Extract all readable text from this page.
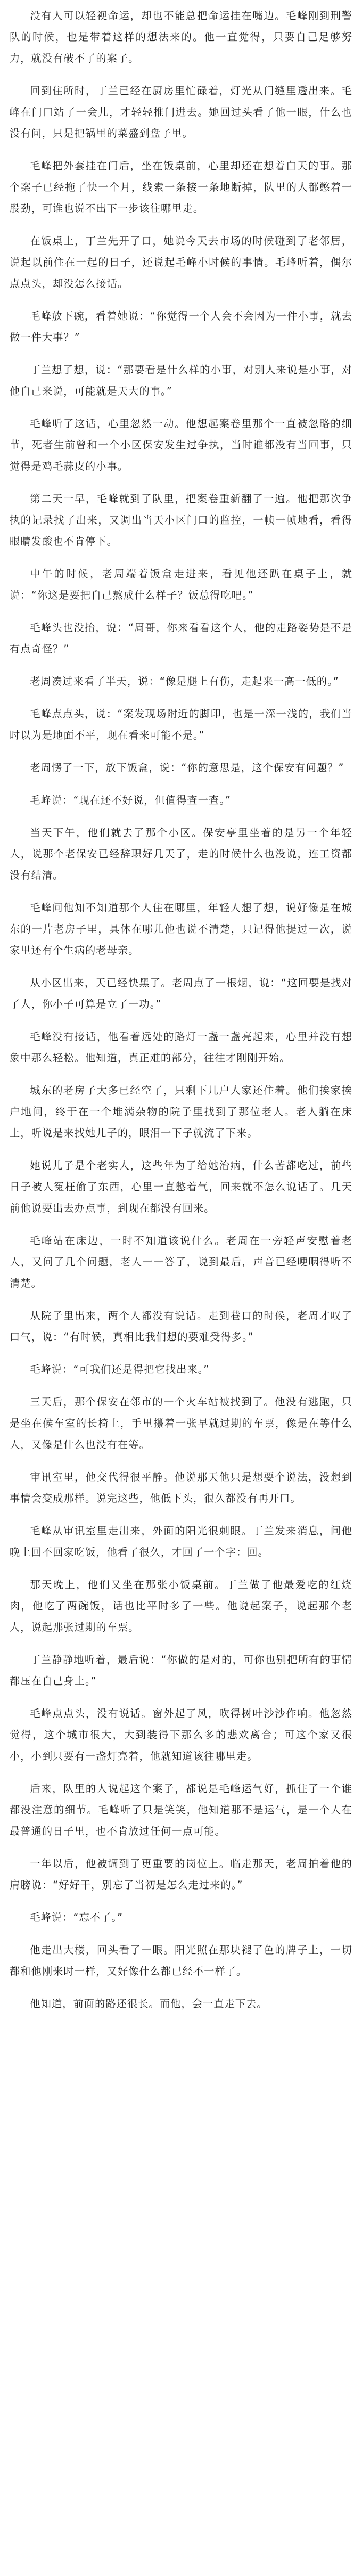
没有人可以轻视命运，却也不能总把命运挂在嘴边。毛峰刚到刑警队的时候，也是带着这样的想法来的。他一直觉得，只要自己足够努力，就没有破不了的案子。

回到住所时，丁兰已经在厨房里忙碌着，灯光从门缝里透出来。毛峰在门口站了一会儿，才轻轻推门进去。她回过头看了他一眼，什么也没有问，只是把锅里的菜盛到盘子里。

毛峰把外套挂在门后，坐在饭桌前，心里却还在想着白天的事。那个案子已经拖了快一个月，线索一条接一条地断掉，队里的人都憋着一股劲，可谁也说不出下一步该往哪里走。

在饭桌上，丁兰先开了口，她说今天去市场的时候碰到了老邻居，说起以前住在一起的日子，还说起毛峰小时候的事情。毛峰听着，偶尔点点头，却没怎么接话。

毛峰放下碗，看着她说：“你觉得一个人会不会因为一件小事，就去做一件大事？”

丁兰想了想，说：“那要看是什么样的小事，对别人来说是小事，对他自己来说，可能就是天大的事。”

毛峰听了这话，心里忽然一动。他想起案卷里那个一直被忽略的细节，死者生前曾和一个小区保安发生过争执，当时谁都没有当回事，只觉得是鸡毛蒜皮的小事。

第二天一早，毛峰就到了队里，把案卷重新翻了一遍。他把那次争执的记录找了出来，又调出当天小区门口的监控，一帧一帧地看，看得眼睛发酸也不肯停下。

中午的时候，老周端着饭盒走进来，看见他还趴在桌子上，就说：“你这是要把自己熬成什么样子？饭总得吃吧。”

毛峰头也没抬，说：“周哥，你来看看这个人，他的走路姿势是不是有点奇怪？”

老周凑过来看了半天，说：“像是腿上有伤，走起来一高一低的。”

毛峰点点头，说：“案发现场附近的脚印，也是一深一浅的，我们当时以为是地面不平，现在看来可能不是。”

老周愣了一下，放下饭盒，说：“你的意思是，这个保安有问题？”

毛峰说：“现在还不好说，但值得查一查。”

当天下午，他们就去了那个小区。保安亭里坐着的是另一个年轻人，说那个老保安已经辞职好几天了，走的时候什么也没说，连工资都没有结清。

毛峰问他知不知道那个人住在哪里，年轻人想了想，说好像是在城东的一片老房子里，具体在哪儿他也说不清楚，只记得他提过一次，说家里还有个生病的老母亲。

从小区出来，天已经快黑了。老周点了一根烟，说：“这回要是找对了人，你小子可算是立了一功。”

毛峰没有接话，他看着远处的路灯一盏一盏亮起来，心里并没有想象中那么轻松。他知道，真正难的部分，往往才刚刚开始。

城东的老房子大多已经空了，只剩下几户人家还住着。他们挨家挨户地问，终于在一个堆满杂物的院子里找到了那位老人。老人躺在床上，听说是来找她儿子的，眼泪一下子就流了下来。

她说儿子是个老实人，这些年为了给她治病，什么苦都吃过，前些日子被人冤枉偷了东西，心里一直憋着气，回来就不怎么说话了。几天前他说要出去办点事，到现在都没有回来。

毛峰站在床边，一时不知道该说什么。老周在一旁轻声安慰着老人，又问了几个问题，老人一一答了，说到最后，声音已经哽咽得听不清楚。

从院子里出来，两个人都没有说话。走到巷口的时候，老周才叹了口气，说：“有时候，真相比我们想的要难受得多。”

毛峰说：“可我们还是得把它找出来。”

三天后，那个保安在邻市的一个火车站被找到了。他没有逃跑，只是坐在候车室的长椅上，手里攥着一张早就过期的车票，像是在等什么人，又像是什么也没有在等。

审讯室里，他交代得很平静。他说那天他只是想要个说法，没想到事情会变成那样。说完这些，他低下头，很久都没有再开口。

毛峰从审讯室里走出来，外面的阳光很刺眼。丁兰发来消息，问他晚上回不回家吃饭，他看了很久，才回了一个字：回。

那天晚上，他们又坐在那张小饭桌前。丁兰做了他最爱吃的红烧肉，他吃了两碗饭，话也比平时多了一些。他说起案子，说起那个老人，说起那张过期的车票。

丁兰静静地听着，最后说：“你做的是对的，可你也别把所有的事情都压在自己身上。”

毛峰点点头，没有说话。窗外起了风，吹得树叶沙沙作响。他忽然觉得，这个城市很大，大到装得下那么多的悲欢离合；可这个家又很小，小到只要有一盏灯亮着，他就知道该往哪里走。

后来，队里的人说起这个案子，都说是毛峰运气好，抓住了一个谁都没注意的细节。毛峰听了只是笑笑，他知道那不是运气，是一个人在最普通的日子里，也不肯放过任何一点可能。

一年以后，他被调到了更重要的岗位上。临走那天，老周拍着他的肩膀说：“好好干，别忘了当初是怎么走过来的。”

毛峰说：“忘不了。”

他走出大楼，回头看了一眼。阳光照在那块褪了色的牌子上，一切都和他刚来时一样，又好像什么都已经不一样了。

他知道，前面的路还很长。而他，会一直走下去。
